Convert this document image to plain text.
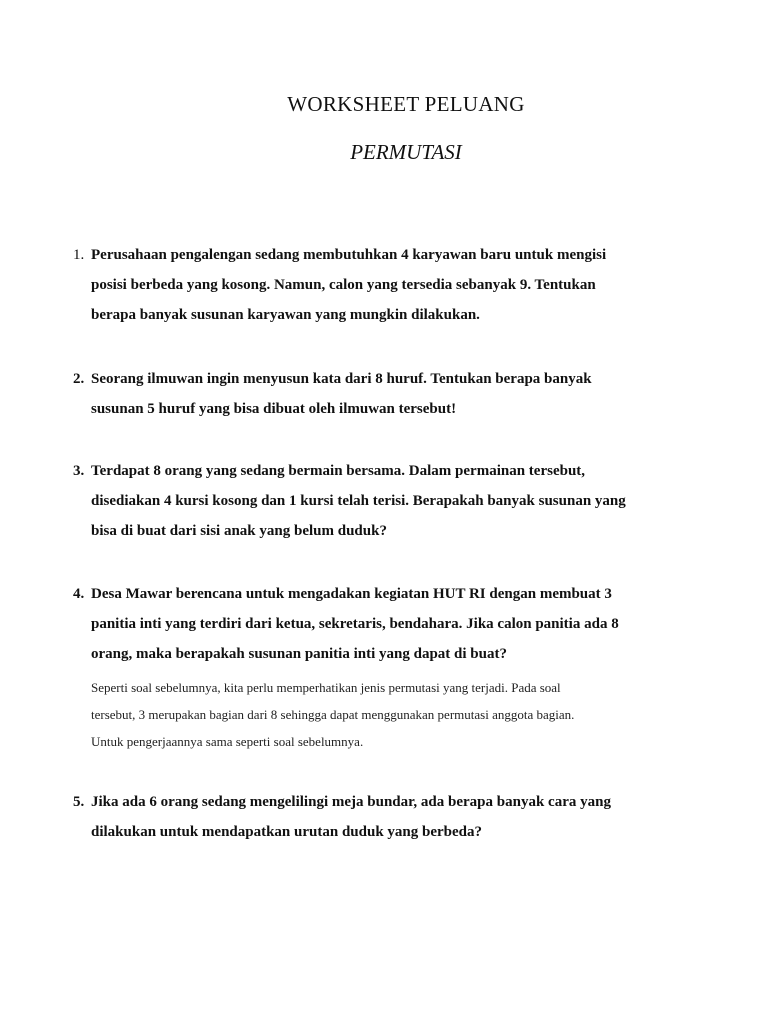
WORKSHEET PELUANG
PERMUTASI
1. Perusahaan pengalengan sedang membutuhkan 4 karyawan baru untuk mengisi
posisi berbeda yang kosong. Namun, calon yang tersedia sebanyak 9. Tentukan
berapa banyak susunan karyawan yang mungkin dilakukan.
2. Seorang ilmuwan ingin menyusun kata dari 8 huruf. Tentukan berapa banyak
susunan 5 huruf yang bisa dibuat oleh ilmuwan tersebut!
3. Terdapat 8 orang yang sedang bermain bersama. Dalam permainan tersebut,
disediakan 4 kursi kosong dan 1 kursi telah terisi. Berapakah banyak susunan yang
bisa di buat dari sisi anak yang belum duduk?
4. Desa Mawar berencana untuk mengadakan kegiatan HUT RI dengan membuat 3
panitia inti yang terdiri dari ketua, sekretaris, bendahara. Jika calon panitia ada 8
orang, maka berapakah susunan panitia inti yang dapat di buat?
Seperti soal sebelumnya, kita perlu memperhatikan jenis permutasi yang terjadi. Pada soal
tersebut, 3 merupakan bagian dari 8 sehingga dapat menggunakan permutasi anggota bagian.
Untuk pengerjaannya sama seperti soal sebelumnya.
5. Jika ada 6 orang sedang mengelilingi meja bundar, ada berapa banyak cara yang
dilakukan untuk mendapatkan urutan duduk yang berbeda?
